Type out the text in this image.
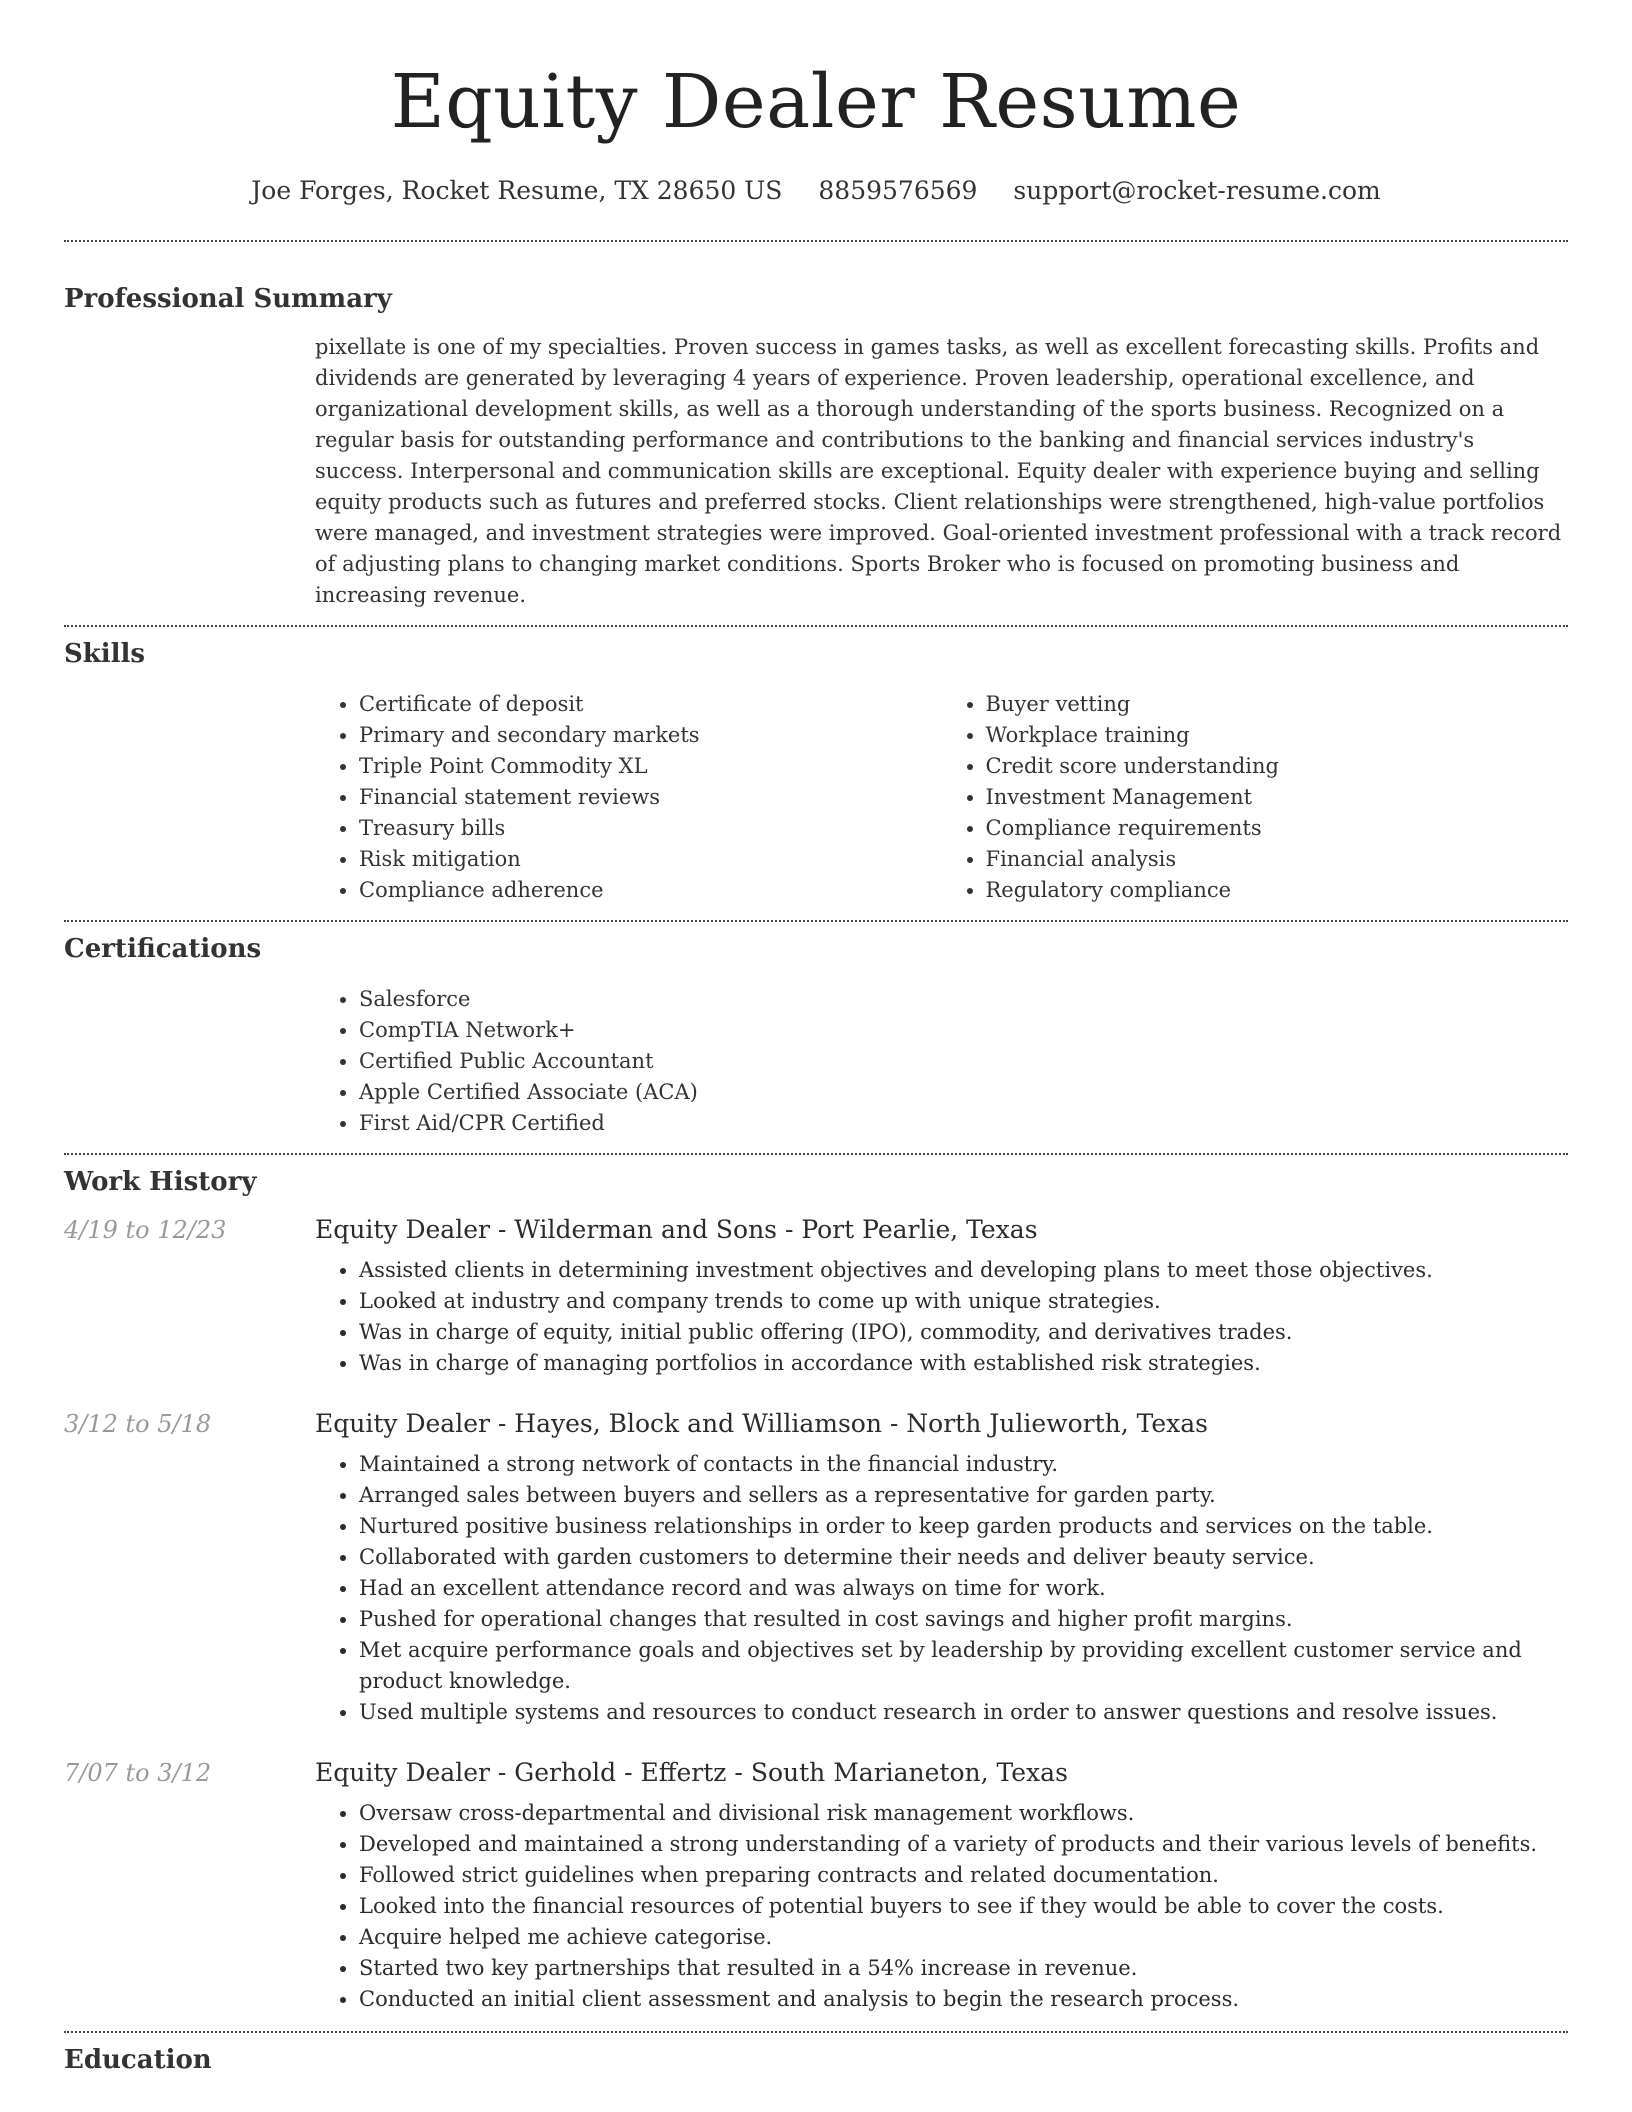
Equity Dealer Resume
Joe Forges, Rocket Resume, TX 28650 US 8859576569 support@rocket-resume.com
Professional Summary

pixellate is one of my specialties. Proven success in games tasks, as well as excellent forecasting skills. Profits and dividends are generated by leveraging 4 years of experience. Proven leadership, operational excellence, and organizational development skills, as well as a thorough understanding of the sports business. Recognized on a regular basis for outstanding performance and contributions to the banking and financial services industry's success. Interpersonal and communication skills are exceptional. Equity dealer with experience buying and selling equity products such as futures and preferred stocks. Client relationships were strengthened, high-value portfolios were managed, and investment strategies were improved. Goal-oriented investment professional with a track record of adjusting plans to changing market conditions. Sports Broker who is focused on promoting business and increasing revenue.

Skills
• Certificate of deposit
• Primary and secondary markets
• Triple Point Commodity XL
• Financial statement reviews
• Treasury bills
• Risk mitigation
• Compliance adherence
• Buyer vetting
• Workplace training
• Credit score understanding
• Investment Management
• Compliance requirements
• Financial analysis
• Regulatory compliance
Certifications
• Salesforce
• CompTIA Network+
• Certified Public Accountant
• Apple Certified Associate (ACA)
• First Aid/CPR Certified
Work History
4/19 to 12/23	Equity Dealer - Wilderman and Sons - Port Pearlie, Texas
• Assisted clients in determining investment objectives and developing plans to meet those objectives.
• Looked at industry and company trends to come up with unique strategies.
• Was in charge of equity, initial public offering (IPO), commodity, and derivatives trades.
• Was in charge of managing portfolios in accordance with established risk strategies.
3/12 to 5/18	Equity Dealer - Hayes, Block and Williamson - North Julieworth, Texas
• Maintained a strong network of contacts in the financial industry.
• Arranged sales between buyers and sellers as a representative for garden party.
• Nurtured positive business relationships in order to keep garden products and services on the table.
• Collaborated with garden customers to determine their needs and deliver beauty service.
• Had an excellent attendance record and was always on time for work.
• Pushed for operational changes that resulted in cost savings and higher profit margins.
• Met acquire performance goals and objectives set by leadership by providing excellent customer service and product knowledge.
• Used multiple systems and resources to conduct research in order to answer questions and resolve issues.
7/07 to 3/12	Equity Dealer - Gerhold - Effertz - South Marianeton, Texas
• Oversaw cross-departmental and divisional risk management workflows.
• Developed and maintained a strong understanding of a variety of products and their various levels of benefits.
• Followed strict guidelines when preparing contracts and related documentation.
• Looked into the financial resources of potential buyers to see if they would be able to cover the costs.
• Acquire helped me achieve categorise.
• Started two key partnerships that resulted in a 54% increase in revenue.
• Conducted an initial client assessment and analysis to begin the research process.
Education
